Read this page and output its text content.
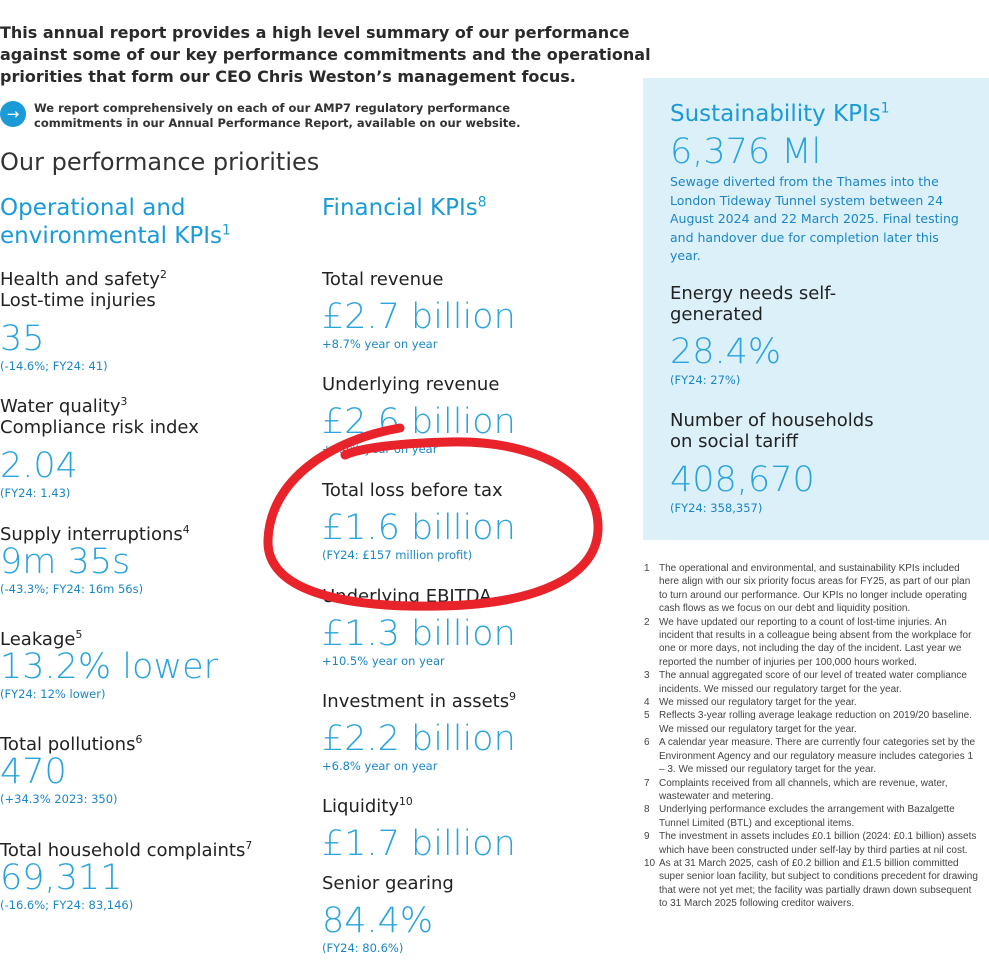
This annual report provides a high level summary of our performance
against some of our key performance commitments and the operational
priorities that form our CEO Chris Weston’s management focus.
→	We report comprehensively on each of our AMP7 regulatory performance
commitments in our Annual Performance Report, available on our website.
Our performance priorities
Operational and
environmental KPIs$^1$
Financial KPIs$^8$
Health and safety$^2$
Lost-time injuries
35
(-14.6%; FY24: 41)
Water quality$^3$
Compliance risk index
2.04
(FY24: 1.43)
Supply interruptions$^4$
9m 35s
(-43.3%; FY24: 16m 56s)
Leakage$^5$
13.2% lower
(FY24: 12% lower)
Total pollutions$^6$
470
(+34.3% 2023: 350)
Total household complaints$^7$
69,311
(-16.6%; FY24: 83,146)
Total revenue
£2.7 billion
+8.7% year on year
Underlying revenue
£2.6 billion
+8.4% year on year
Total loss before tax
£1.6 billion
(FY24: £157 million profit)
Underlying EBITDA
£1.3 billion
+10.5% year on year
Investment in assets$^9$
£2.2 billion
+6.8% year on year
Liquidity$^{10}$
£1.7 billion
Senior gearing
84.4%
(FY24: 80.6%)
Sustainability KPIs$^1$
6,376 Ml
Sewage diverted from the Thames into the London Tideway Tunnel system between 24 August 2024 and 22 March 2025. Final testing and handover due for completion later this year.
Energy needs self-
generated
28.4%
(FY24: 27%)
Number of households
on social tariff
408,670
(FY24: 358,357)
1 The operational and environmental, and sustainability KPIs included here align with our six priority focus areas for FY25, as part of our plan to turn around our performance. Our KPIs no longer include operating cash flows as we focus on our debt and liquidity position.
2 We have updated our reporting to a count of lost-time injuries. An incident that results in a colleague being absent from the workplace for one or more days, not including the day of the incident. Last year we reported the number of injuries per 100,000 hours worked.
3 The annual aggregated score of our level of treated water compliance incidents. We missed our regulatory target for the year.
4 We missed our regulatory target for the year.
5 Reflects 3-year rolling average leakage reduction on 2019/20 baseline. We missed our regulatory target for the year.
6 A calendar year measure. There are currently four categories set by the Environment Agency and our regulatory measure includes categories 1 – 3. We missed our regulatory target for the year.
7 Complaints received from all channels, which are revenue, water, wastewater and metering.
8 Underlying performance excludes the arrangement with Bazalgette Tunnel Limited (BTL) and exceptional items.
9 The investment in assets includes £0.1 billion (2024: £0.1 billion) assets which have been constructed under self-lay by third parties at nil cost.
10 As at 31 March 2025, cash of £0.2 billion and £1.5 billion committed super senior loan facility, but subject to conditions precedent for drawing that were not yet met; the facility was partially drawn down subsequent to 31 March 2025 following creditor waivers.
